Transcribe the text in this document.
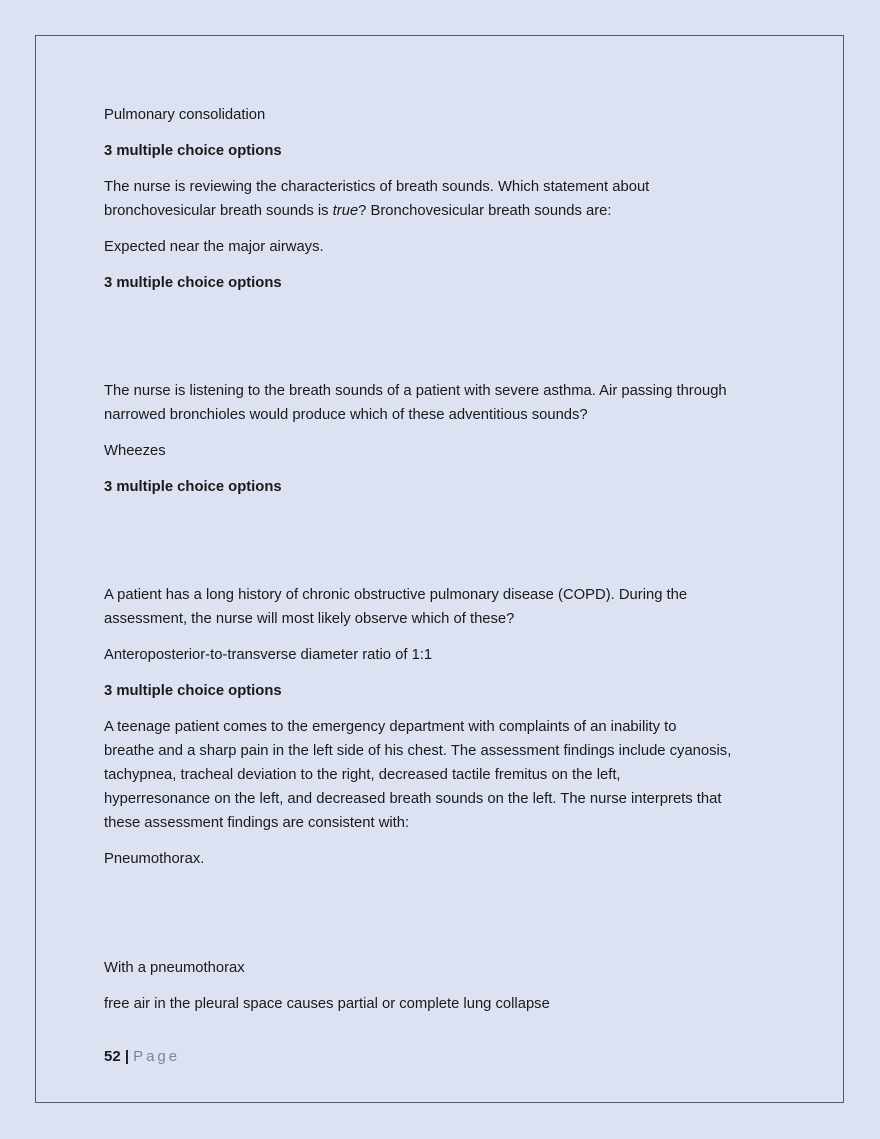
Pulmonary consolidation
3 multiple choice options
The nurse is reviewing the characteristics of breath sounds. Which statement about
bronchovesicular breath sounds is true? Bronchovesicular breath sounds are:
Expected near the major airways.
3 multiple choice options
The nurse is listening to the breath sounds of a patient with severe asthma. Air passing through
narrowed bronchioles would produce which of these adventitious sounds?
Wheezes
3 multiple choice options
A patient has a long history of chronic obstructive pulmonary disease (COPD). During the
assessment, the nurse will most likely observe which of these?
Anteroposterior-to-transverse diameter ratio of 1:1
3 multiple choice options
A teenage patient comes to the emergency department with complaints of an inability to
breathe and a sharp pain in the left side of his chest. The assessment findings include cyanosis,
tachypnea, tracheal deviation to the right, decreased tactile fremitus on the left,
hyperresonance on the left, and decreased breath sounds on the left. The nurse interprets that
these assessment findings are consistent with:
Pneumothorax.
With a pneumothorax
free air in the pleural space causes partial or complete lung collapse
52 | Page
